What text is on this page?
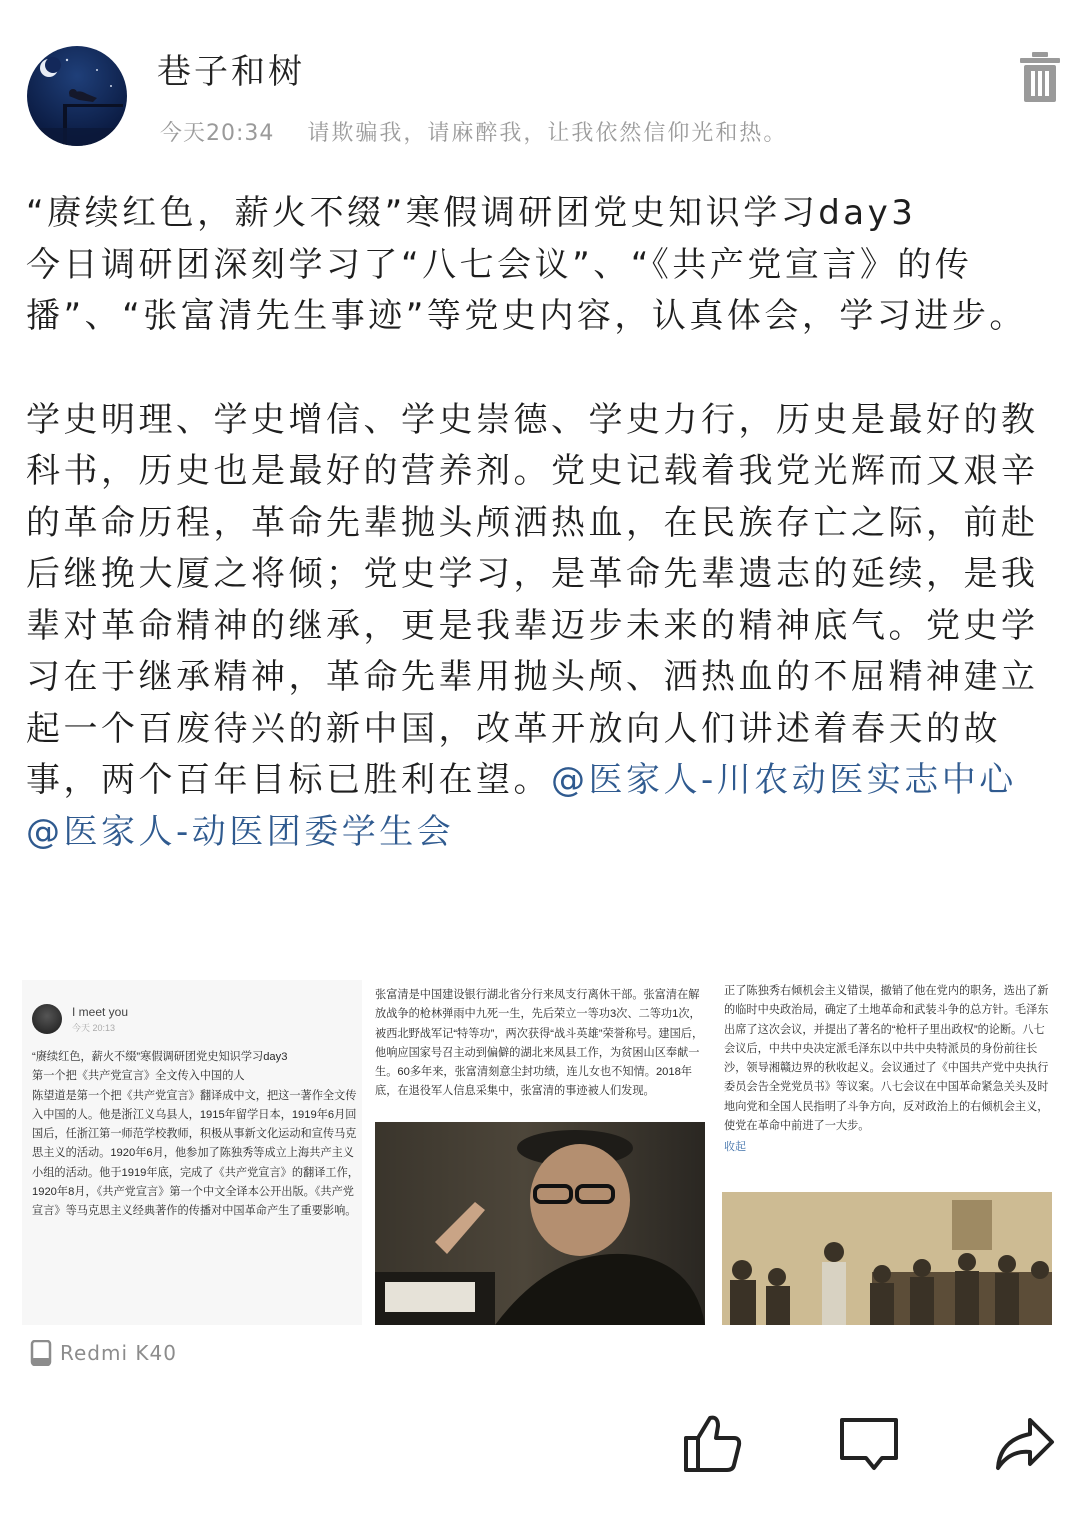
巷子和树
今天20:34 请欺骗我，请麻醉我，让我依然信仰光和热。

“赓续红色，薪火不缀”寒假调研团党史知识学习day3

今日调研团深刻学习了“八七会议”、“《共产党宣言》的传播”、“张富清先生事迹”等党史内容，认真体会，学习进步。

学史明理、学史增信、学史崇德、学史力行，历史是最好的教科书，历史也是最好的营养剂。党史记载着我党光辉而又艰辛的革命历程，革命先辈抛头颅洒热血，在民族存亡之际，前赴后继挽大厦之将倾；党史学习，是革命先辈遗志的延续，是我辈对革命精神的继承，更是我辈迈步未来的精神底气。党史学习在于继承精神，革命先辈用抛头颅、洒热血的不屈精神建立起一个百废待兴的新中国，改革开放向人们讲述着春天的故事，两个百年目标已胜利在望。@医家人-川农动医实志中心 @医家人-动医团委学生会

I meet you
今天 20:13
“赓续红色，薪火不缀”寒假调研团党史知识学习day3
第一个把《共产党宣言》全文传入中国的人
陈望道是第一个把《共产党宣言》翻译成中文，把这一著作全文传入中国的人。他是浙江义乌县人，1915年留学日本，1919年6月回国后，任浙江第一师范学校教师，积极从事新文化运动和宣传马克思主义的活动。1920年6月，他参加了陈独秀等成立上海共产主义小组的活动。他于1919年底，完成了《共产党宣言》的翻译工作，1920年8月，《共产党宣言》第一个中文全译本公开出版。《共产党宣言》等马克思主义经典著作的传播对中国革命产生了重要影响。
张富清是中国建设银行湖北省分行来凤支行离休干部。张富清在解放战争的枪林弹雨中九死一生，先后荣立一等功3次、二等功1次，被西北野战军记“特等功”，两次获得“战斗英雄”荣誉称号。建国后，他响应国家号召主动到偏僻的湖北来凤县工作，为贫困山区奉献一生。60多年来，张富清刻意尘封功绩，连儿女也不知情。2018年底，在退役军人信息采集中，张富清的事迹被人们发现。
正了陈独秀右倾机会主义错误，撤销了他在党内的职务，选出了新的临时中央政治局，确定了土地革命和武装斗争的总方针。毛泽东出席了这次会议，并提出了著名的“枪杆子里出政权”的论断。八七会议后，中共中央决定派毛泽东以中共中央特派员的身份前往长沙，领导湘赣边界的秋收起义。会议通过了《中国共产党中央执行委员会告全党党员书》等议案。八七会议在中国革命紧急关头及时地向党和全国人民指明了斗争方向，反对政治上的右倾机会主义，使党在革命中前进了一大步。
收起
Redmi K40
